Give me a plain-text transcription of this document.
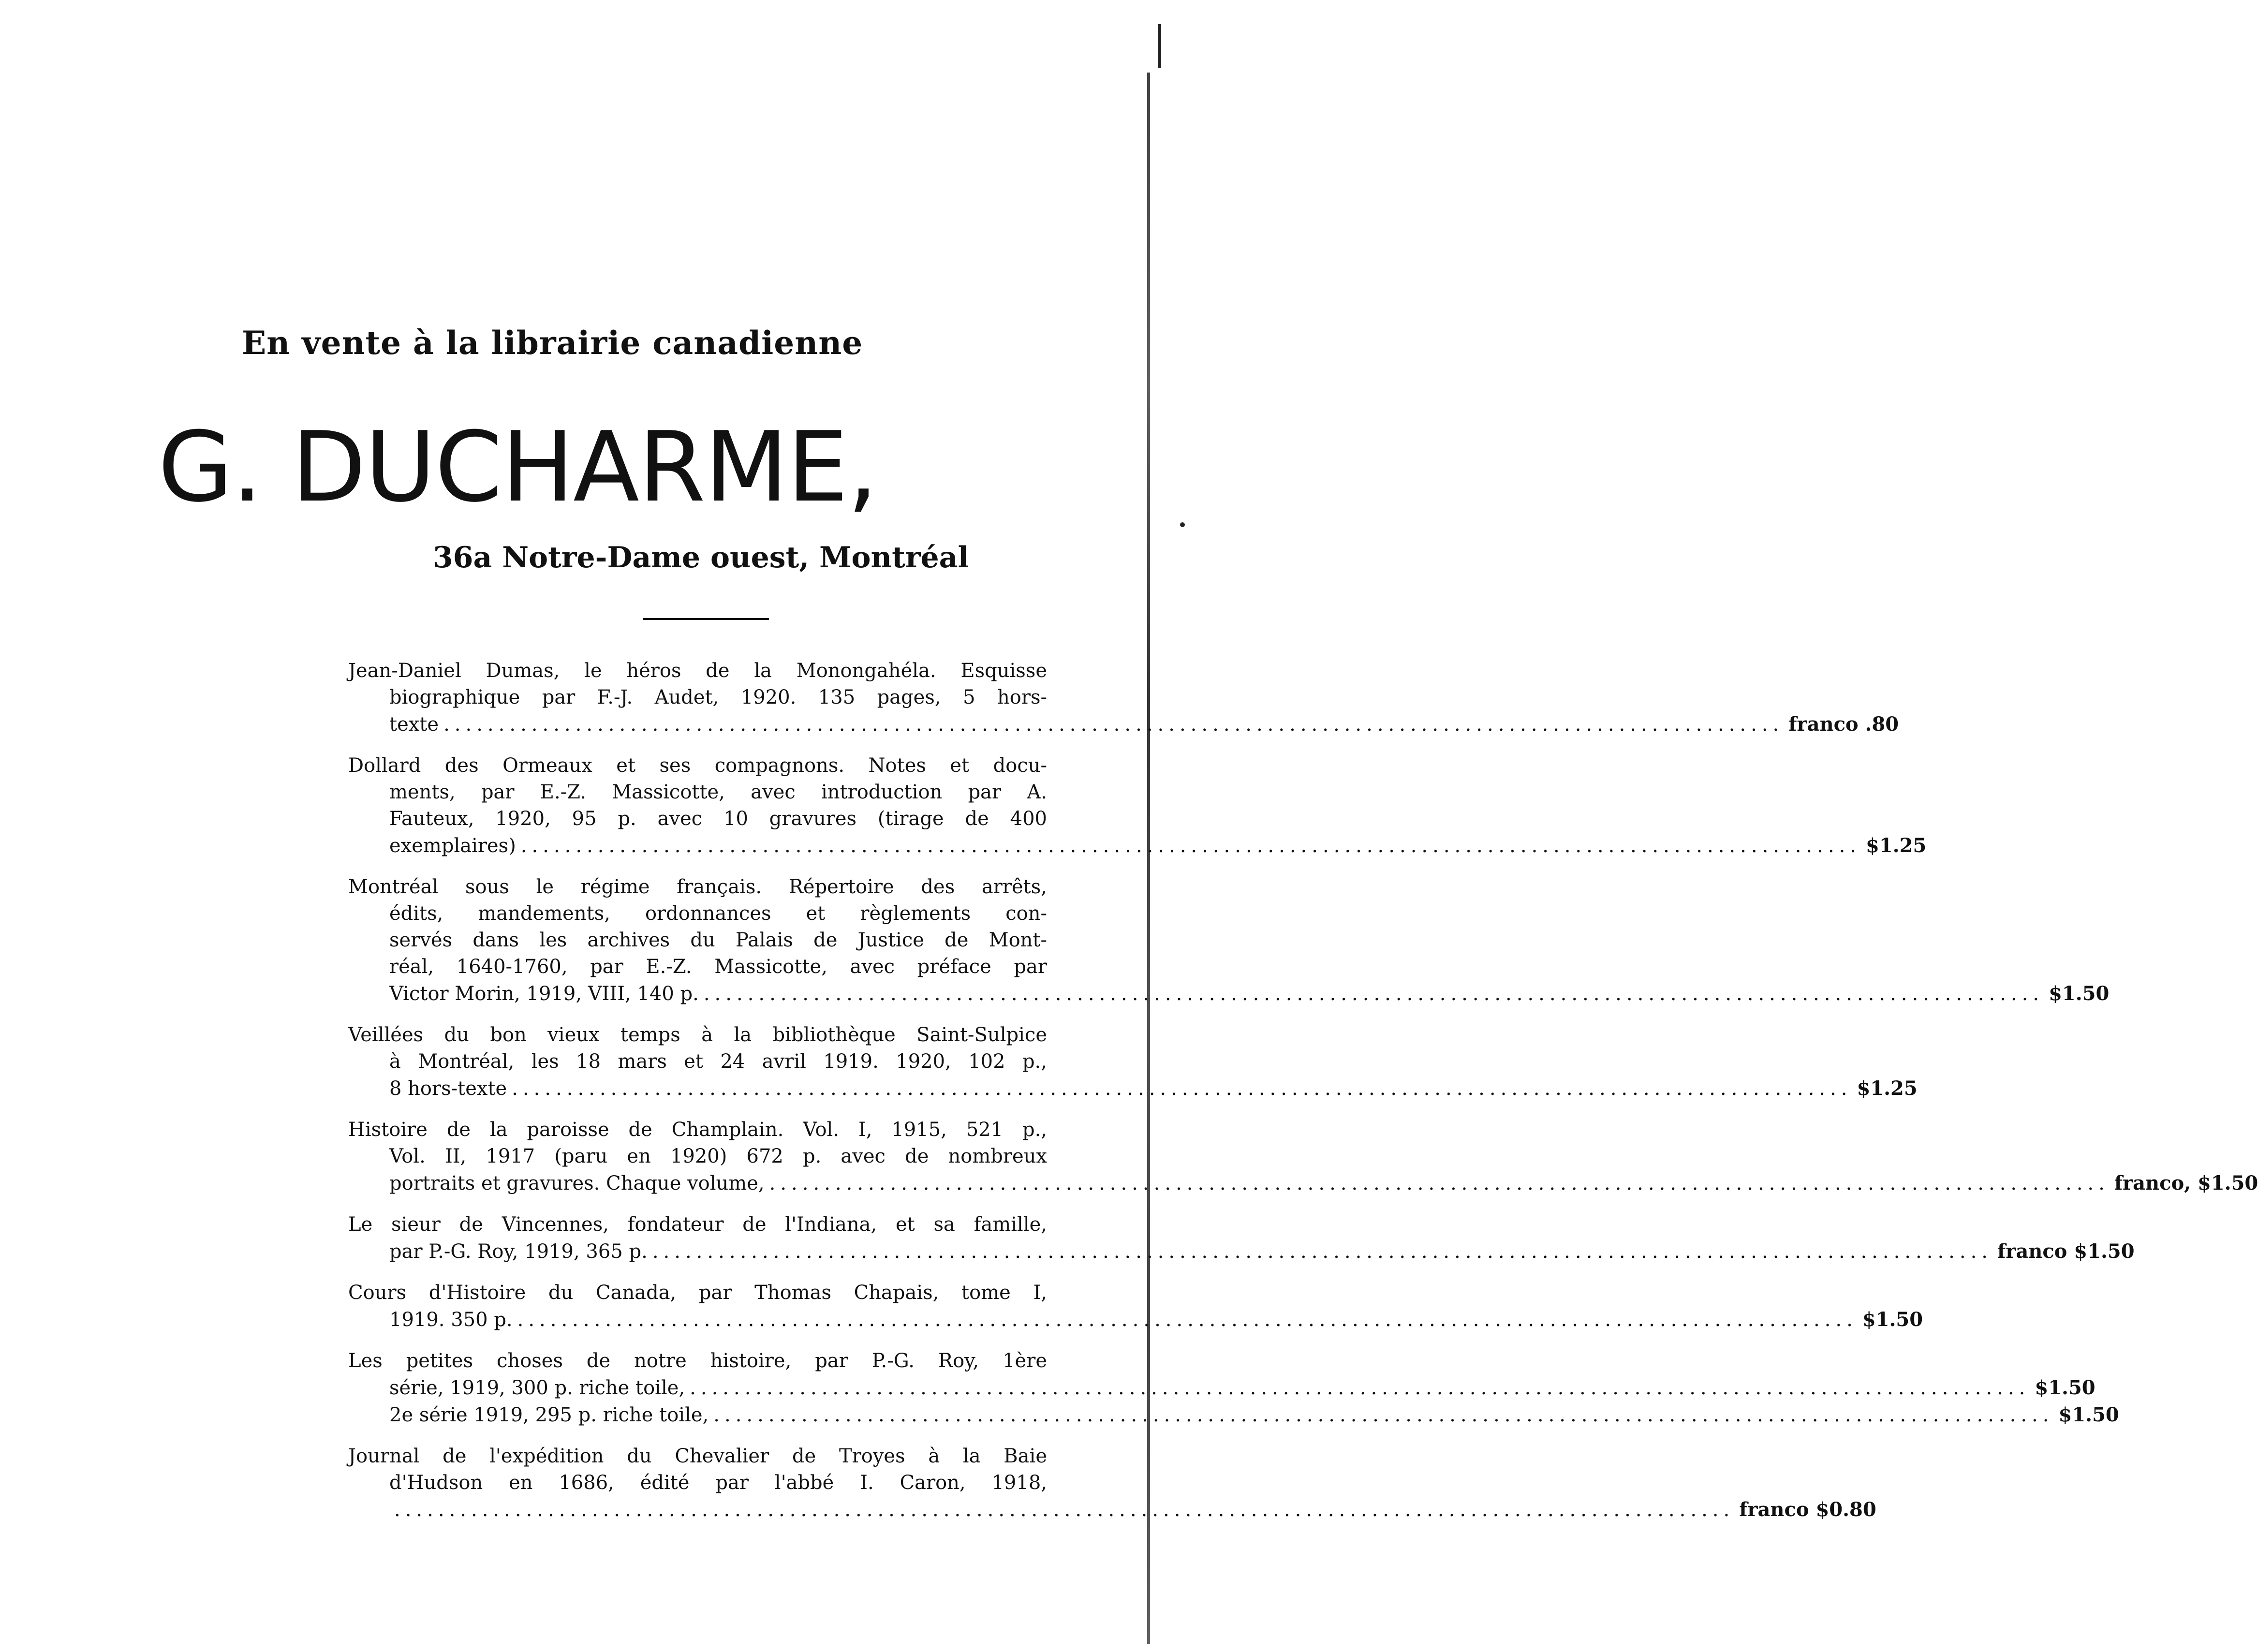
En vente à la librairie canadienne
G. DUCHARME,
36a Notre-Dame ouest, Montréal
Jean-Daniel Dumas, le héros de la Monongahéla. Esquisse
biographique par F.-J. Audet, 1920. 135 pages, 5 hors-
texte .......................................................................................................................... franco .80
Dollard des Ormeaux et ses compagnons. Notes et docu-
ments, par E.-Z. Massicotte, avec introduction par A.
Fauteux, 1920, 95 p. avec 10 gravures (tirage de 400
exemplaires) .......................................................................................................................... $1.25
Montréal sous le régime français. Répertoire des arrêts,
édits, mandements, ordonnances et règlements con-
servés dans les archives du Palais de Justice de Mont-
réal, 1640-1760, par E.-Z. Massicotte, avec préface par
Victor Morin, 1919, VIII, 140 p. .......................................................................................................................... $1.50
Veillées du bon vieux temps à la bibliothèque Saint-Sulpice
à Montréal, les 18 mars et 24 avril 1919. 1920, 102 p.,
8 hors-texte .......................................................................................................................... $1.25
Histoire de la paroisse de Champlain. Vol. I, 1915, 521 p.,
Vol. II, 1917 (paru en 1920) 672 p. avec de nombreux
portraits et gravures. Chaque volume, .......................................................................................................................... franco, $1.50
Le sieur de Vincennes, fondateur de l'Indiana, et sa famille,
par P.-G. Roy, 1919, 365 p. .......................................................................................................................... franco $1.50
Cours d'Histoire du Canada, par Thomas Chapais, tome I,
1919. 350 p. .......................................................................................................................... $1.50
Les petites choses de notre histoire, par P.-G. Roy, 1ère
série, 1919, 300 p. riche toile, .......................................................................................................................... $1.50
2e série 1919, 295 p. riche toile, .......................................................................................................................... $1.50
Journal de l'expédition du Chevalier de Troyes à la Baie
d'Hudson en 1686, édité par l'abbé I. Caron, 1918,
.......................................................................................................................... franco $0.80
